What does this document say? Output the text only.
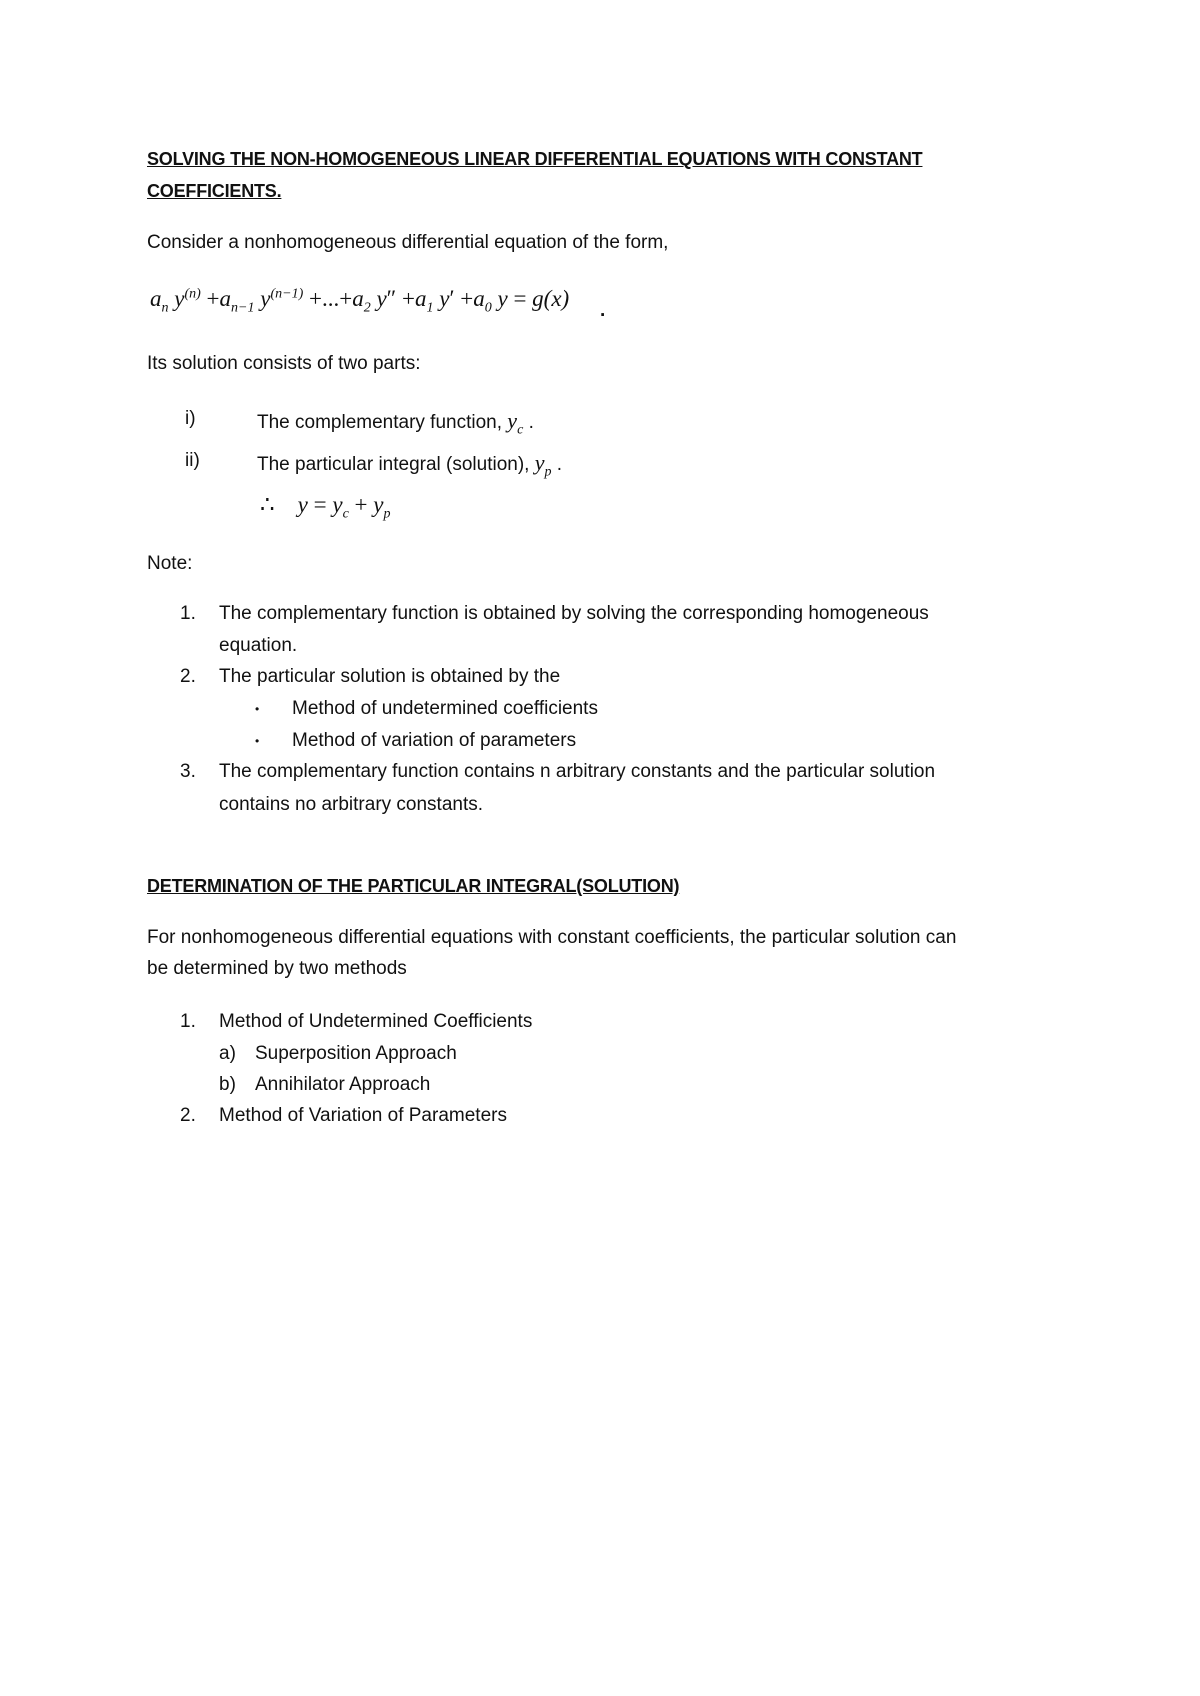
SOLVING THE NON-HOMOGENEOUS LINEAR DIFFERENTIAL EQUATIONS WITH CONSTANT
COEFFICIENTS.
Consider a nonhomogeneous differential equation of the form,
$a_n$ $y^{(n)} +a_{n-1}$ $y^{(n-1)} +...+a_2$ $y'' +a_1$ $y' +a_0$ y = g(x) .
Its solution consists of two parts:
i)	The complementary function, $y_c$ .
ii)	The particular integral (solution), $y_p$ .
∴ $y = y_c + y_p$
Note:
1. The complementary function is obtained by solving the corresponding homogeneous
equation.
2. The particular solution is obtained by the
• Method of undetermined coefficients
• Method of variation of parameters
3. The complementary function contains n arbitrary constants and the particular solution
contains no arbitrary constants.
DETERMINATION OF THE PARTICULAR INTEGRAL(SOLUTION)
For nonhomogeneous differential equations with constant coefficients, the particular solution can
be determined by two methods
1. Method of Undetermined Coefficients
a) Superposition Approach
b) Annihilator Approach
2. Method of Variation of Parameters
